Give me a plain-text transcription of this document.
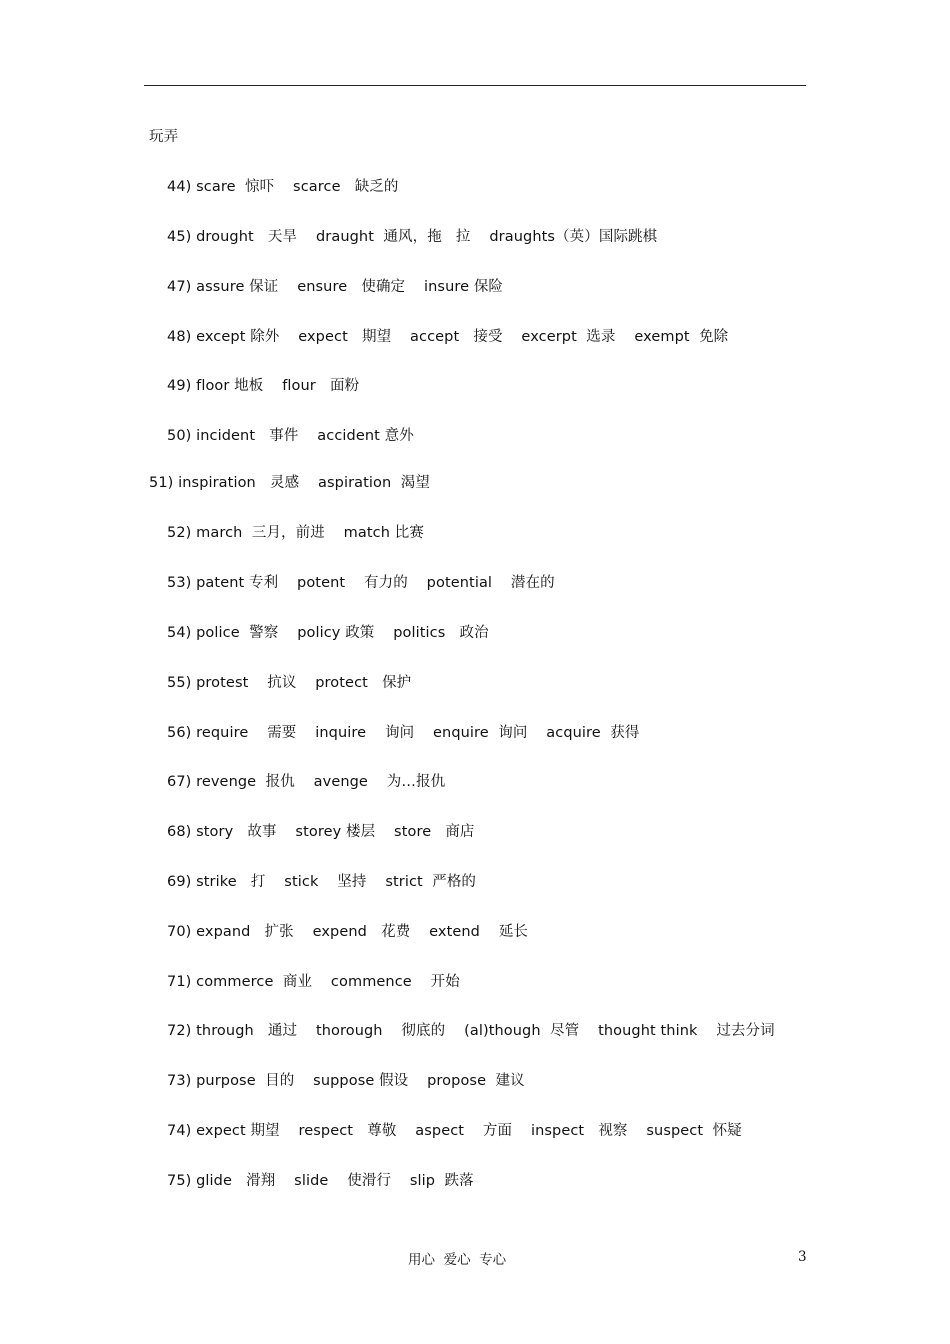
玩弄
44) scare  惊吓    scarce   缺乏的
45) drought   天旱    draught  通风，拖   拉    draughts（英）国际跳棋
47) assure 保证    ensure   使确定    insure 保险
48) except 除外    expect   期望    accept   接受    excerpt  选录    exempt  免除
49) floor 地板    flour   面粉
50) incident   事件    accident 意外
51) inspiration   灵感    aspiration  渴望
52) march  三月，前进    match 比赛
53) patent 专利    potent    有力的    potential    潜在的
54) police  警察    policy 政策    politics   政治
55) protest    抗议    protect   保护
56) require    需要    inquire    询问    enquire  询问    acquire  获得
67) revenge  报仇    avenge    为…报仇
68) story   故事    storey 楼层    store   商店
69) strike   打    stick    坚持    strict  严格的
70) expand   扩张    expend   花费    extend    延长
71) commerce  商业    commence    开始
72) through   通过    thorough    彻底的    (al)though  尽管    thought think    过去分词
73) purpose  目的    suppose 假设    propose  建议
74) expect 期望    respect   尊敬    aspect    方面    inspect   视察    suspect  怀疑
75) glide   滑翔    slide    使滑行    slip  跌落
用心  爱心  专心	3
